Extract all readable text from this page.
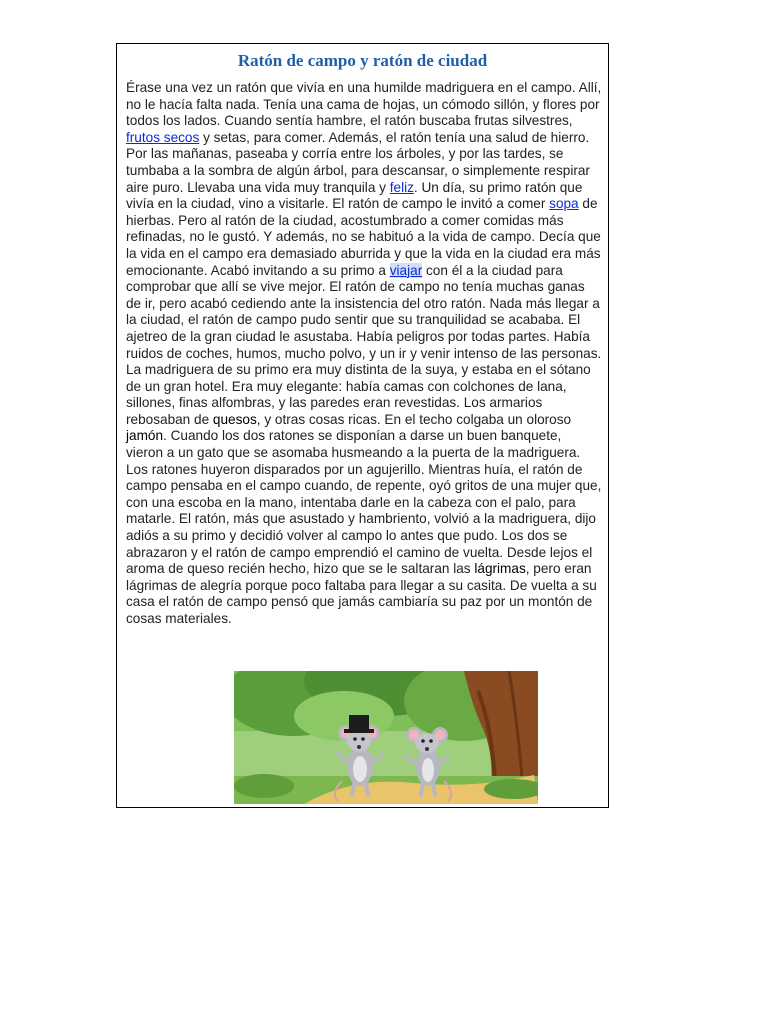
Ratón de campo y ratón de ciudad

Érase una vez un ratón que vivía en una humilde madriguera en el campo. Allí, no le hacía falta nada. Tenía una cama de hojas, un cómodo sillón, y flores por todos los lados. Cuando sentía hambre, el ratón buscaba frutas silvestres, frutos secos y setas, para comer. Además, el ratón tenía una salud de hierro. Por las mañanas, paseaba y corría entre los árboles, y por las tardes, se tumbaba a la sombra de algún árbol, para descansar, o simplemente respirar aire puro. Llevaba una vida muy tranquila y feliz. Un día, su primo ratón que vivía en la ciudad, vino a visitarle. El ratón de campo le invitó a comer sopa de hierbas. Pero al ratón de la ciudad, acostumbrado a comer comidas más refinadas, no le gustó. Y además, no se habituó a la vida de campo. Decía que la vida en el campo era demasiado aburrida y que la vida en la ciudad era más emocionante. Acabó invitando a su primo a viajar con él a la ciudad para comprobar que allí se vive mejor. El ratón de campo no tenía muchas ganas de ir, pero acabó cediendo ante la insistencia del otro ratón. Nada más llegar a la ciudad, el ratón de campo pudo sentir que su tranquilidad se acababa. El ajetreo de la gran ciudad le asustaba. Había peligros por todas partes. Había ruidos de coches, humos, mucho polvo, y un ir y venir intenso de las personas. La madriguera de su primo era muy distinta de la suya, y estaba en el sótano de un gran hotel. Era muy elegante: había camas con colchones de lana, sillones, finas alfombras, y las paredes eran revestidas. Los armarios rebosaban de quesos, y otras cosas ricas. En el techo colgaba un oloroso jamón. Cuando los dos ratones se disponían a darse un buen banquete, vieron a un gato que se asomaba husmeando a la puerta de la madriguera. Los ratones huyeron disparados por un agujerillo. Mientras huía, el ratón de campo pensaba en el campo cuando, de repente, oyó gritos de una mujer que, con una escoba en la mano, intentaba darle en la cabeza con el palo, para matarle. El ratón, más que asustado y hambriento, volvió a la madriguera, dijo adiós a su primo y decidió volver al campo lo antes que pudo. Los dos se abrazaron y el ratón de campo emprendió el camino de vuelta. Desde lejos el aroma de queso recién hecho, hizo que se le saltaran las lágrimas, pero eran lágrimas de alegría porque poco faltaba para llegar a su casita. De vuelta a su casa el ratón de campo pensó que jamás cambiaría su paz por un montón de cosas materiales.
